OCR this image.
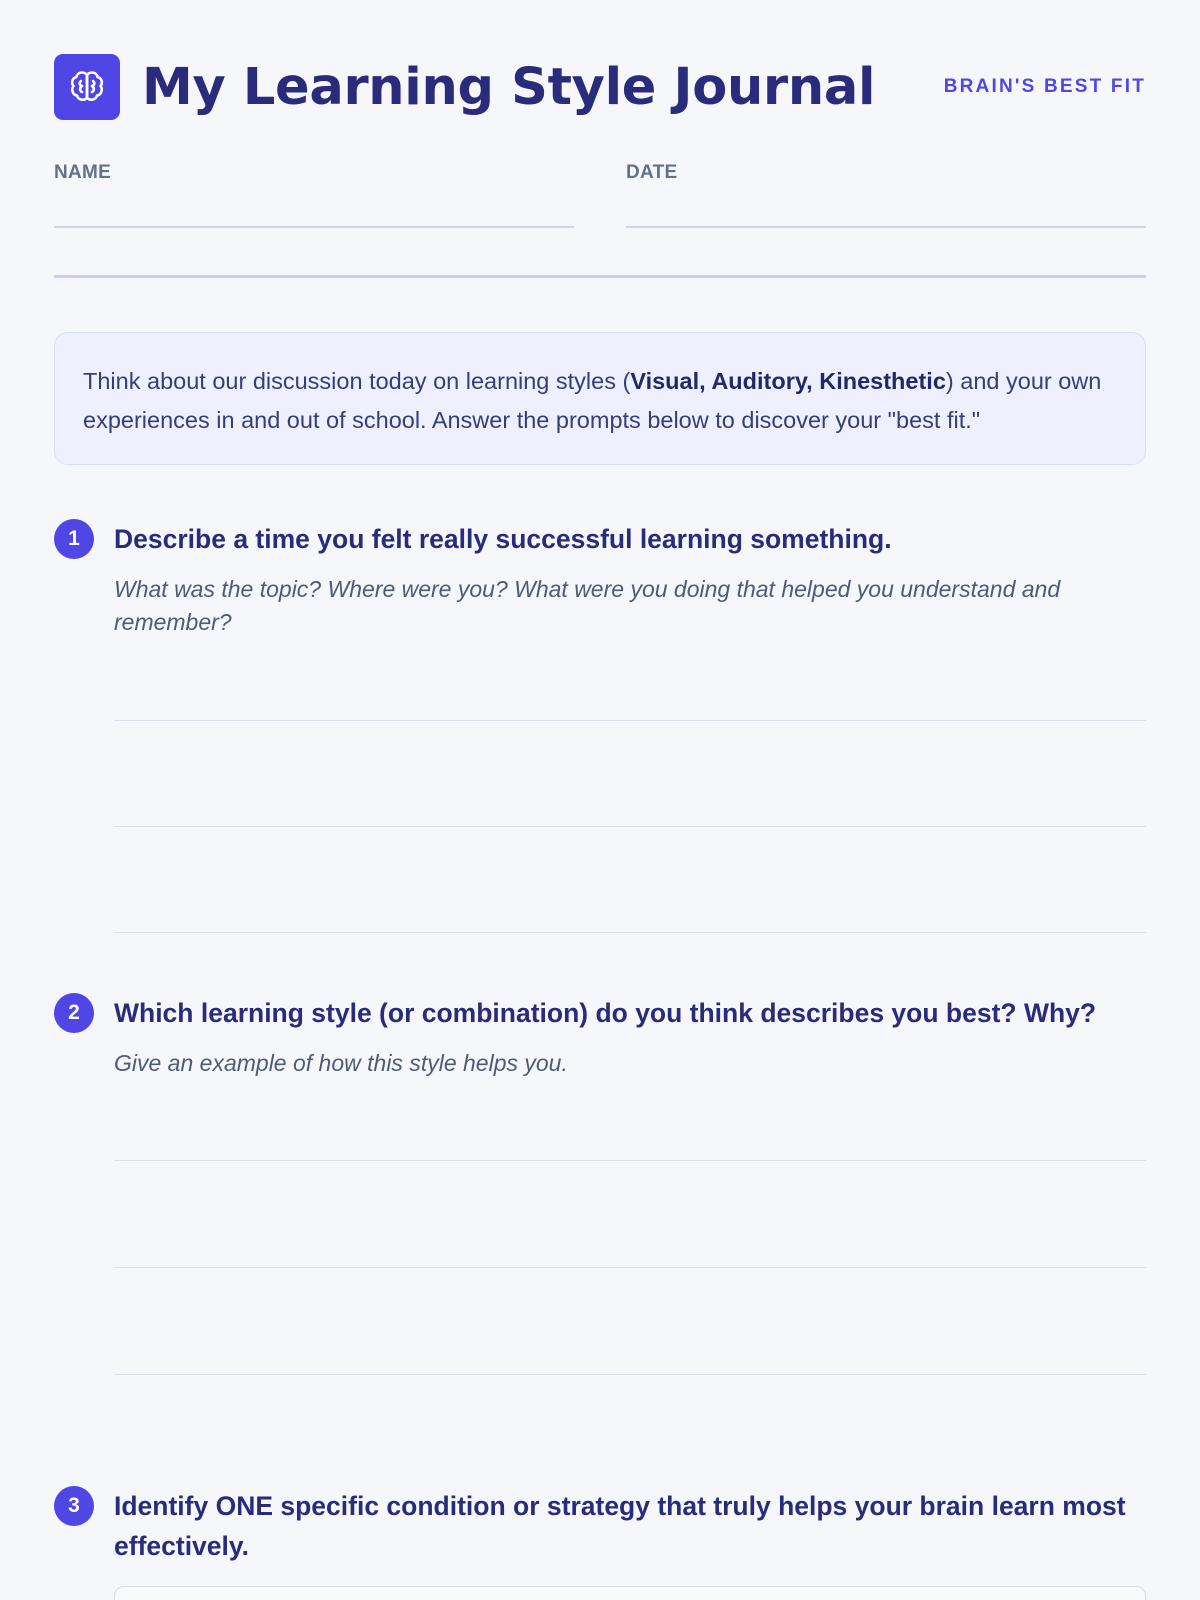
My Learning Style Journal	BRAIN'S BEST FIT
NAME	DATE
Think about our discussion today on learning styles (Visual, Auditory, Kinesthetic) and your own experiences in and out of school. Answer the prompts below to discover your "best fit."
1	Describe a time you felt really successful learning something.
What was the topic? Where were you? What were you doing that helped you understand and remember?
2	Which learning style (or combination) do you think describes you best? Why?
Give an example of how this style helps you.
3	Identify ONE specific condition or strategy that truly helps your brain learn most effectively.
